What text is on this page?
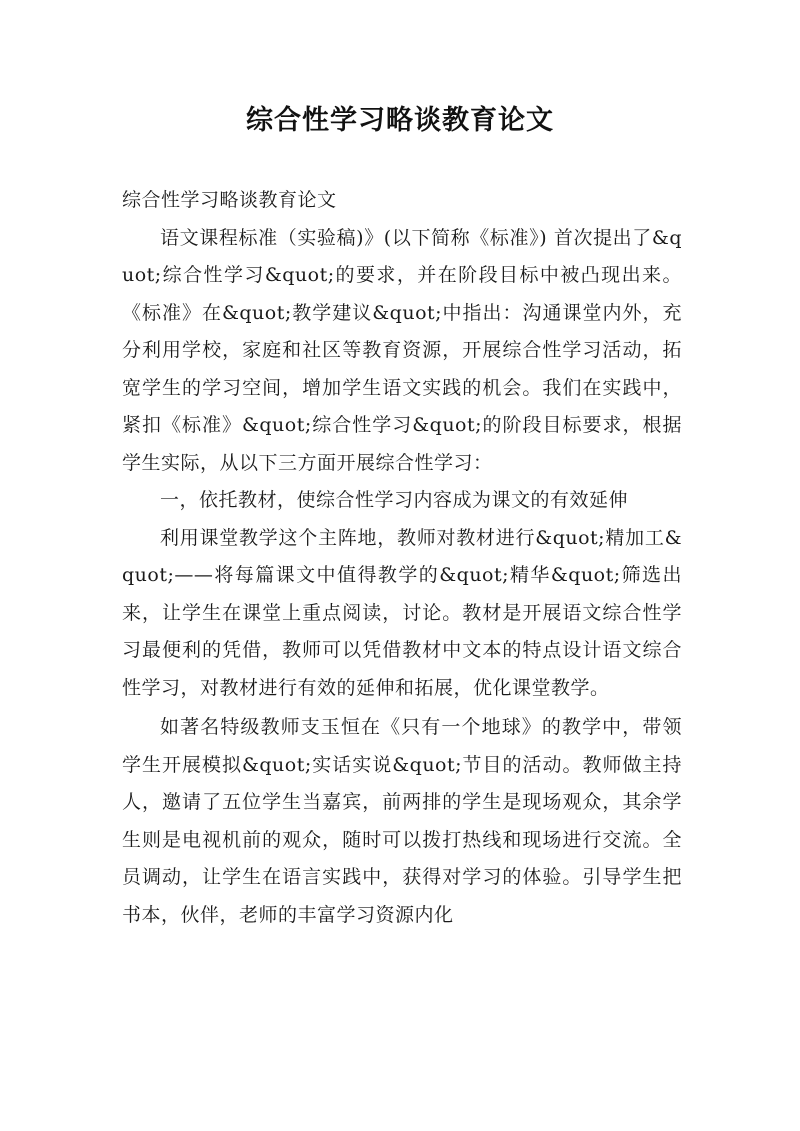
综合性学习略谈教育论文

综合性学习略谈教育论文

语文课程标准（实验稿)》(以下简称《标准》) 首次提出了&quot;综合性学习&quot;的要求，并在阶段目标中被凸现出来。《标准》在&quot;教学建议&quot;中指出：沟通课堂内外，充分利用学校，家庭和社区等教育资源，开展综合性学习活动，拓宽学生的学习空间，增加学生语文实践的机会。我们在实践中，紧扣《标准》&quot;综合性学习&quot;的阶段目标要求，根据学生实际，从以下三方面开展综合性学习：

一，依托教材，使综合性学习内容成为课文的有效延伸

利用课堂教学这个主阵地，教师对教材进行&quot;精加工&quot;——将每篇课文中值得教学的&quot;精华&quot;筛选出来，让学生在课堂上重点阅读，讨论。教材是开展语文综合性学习最便利的凭借，教师可以凭借教材中文本的特点设计语文综合性学习，对教材进行有效的延伸和拓展，优化课堂教学。

如著名特级教师支玉恒在《只有一个地球》的教学中，带领学生开展模拟&quot;实话实说&quot;节目的活动。教师做主持人，邀请了五位学生当嘉宾，前两排的学生是现场观众，其余学生则是电视机前的观众，随时可以拨打热线和现场进行交流。全员调动，让学生在语言实践中，获得对学习的体验。引导学生把书本，伙伴，老师的丰富学习资源内化
